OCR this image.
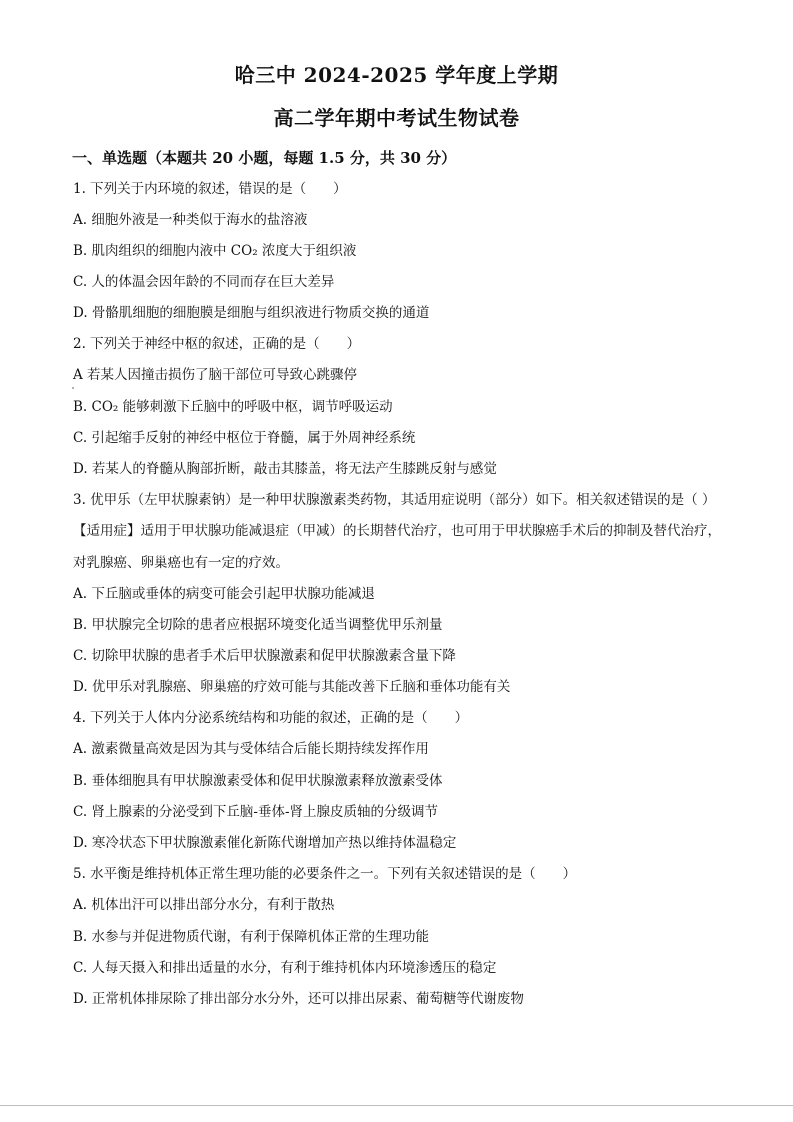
哈三中 2024-2025 学年度上学期
高二学年期中考试生物试卷
一、单选题（本题共 20 小题，每题 1.5 分，共 30 分）
1. 下列关于内环境的叙述，错误的是（　　）
A. 细胞外液是一种类似于海水的盐溶液
B. 肌肉组织的细胞内液中 CO₂ 浓度大于组织液
C. 人的体温会因年龄的不同而存在巨大差异
D. 骨骼肌细胞的细胞膜是细胞与组织液进行物质交换的通道
2. 下列关于神经中枢的叙述，正确的是（　　）
A 若某人因撞击损伤了脑干部位可导致心跳骤停
B. CO₂ 能够刺激下丘脑中的呼吸中枢，调节呼吸运动
C. 引起缩手反射的神经中枢位于脊髓，属于外周神经系统
D. 若某人的脊髓从胸部折断，敲击其膝盖，将无法产生膝跳反射与感觉
3. 优甲乐（左甲状腺素钠）是一种甲状腺激素类药物，其适用症说明（部分）如下。相关叙述错误的是（ ）
【适用症】适用于甲状腺功能减退症（甲减）的长期替代治疗，也可用于甲状腺癌手术后的抑制及替代治疗，
对乳腺癌、卵巢癌也有一定的疗效。
A. 下丘脑或垂体的病变可能会引起甲状腺功能减退
B. 甲状腺完全切除的患者应根据环境变化适当调整优甲乐剂量
C. 切除甲状腺的患者手术后甲状腺激素和促甲状腺激素含量下降
D. 优甲乐对乳腺癌、卵巢癌的疗效可能与其能改善下丘脑和垂体功能有关
4. 下列关于人体内分泌系统结构和功能的叙述，正确的是（　　）
A. 激素微量高效是因为其与受体结合后能长期持续发挥作用
B. 垂体细胞具有甲状腺激素受体和促甲状腺激素释放激素受体
C. 肾上腺素的分泌受到下丘脑-垂体-肾上腺皮质轴的分级调节
D. 寒冷状态下甲状腺激素催化新陈代谢增加产热以维持体温稳定
5. 水平衡是维持机体正常生理功能的必要条件之一。下列有关叙述错误的是（　　）
A. 机体出汗可以排出部分水分，有利于散热
B. 水参与并促进物质代谢，有利于保障机体正常的生理功能
C. 人每天摄入和排出适量的水分，有利于维持机体内环境渗透压的稳定
D. 正常机体排尿除了排出部分水分外，还可以排出尿素、葡萄糖等代谢废物
